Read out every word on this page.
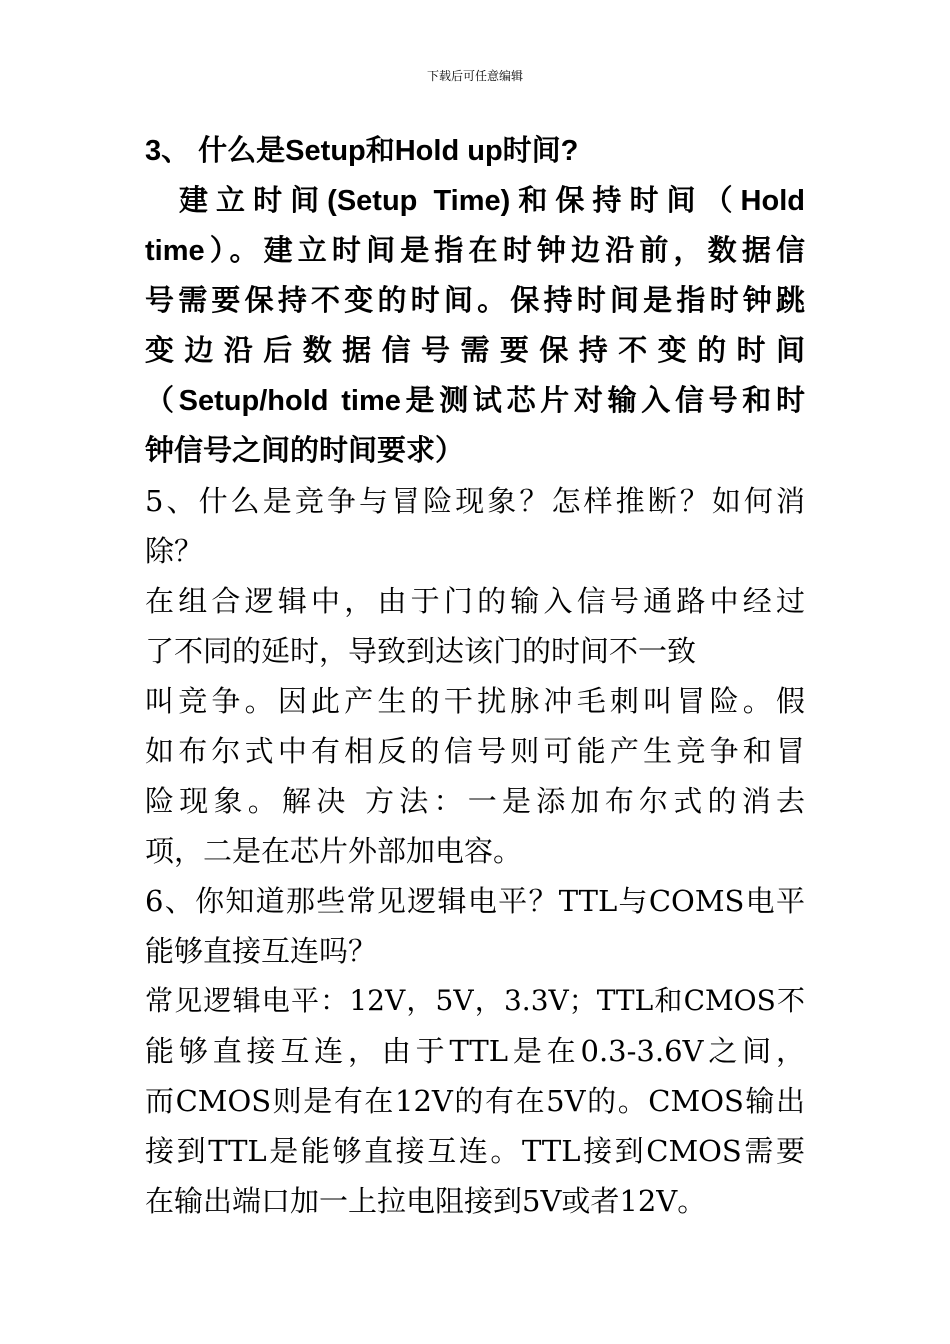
下载后可任意编辑
3、 什么是Setup和Hold up时间?
建立时间(Setup Time)和保持时间（Hold
time）。建立时间是指在时钟边沿前，数据信
号需要保持不变的时间。保持时间是指时钟跳
变边沿后数据信号需要保持不变的时间
（Setup/hold time是测试芯片对输入信号和时
钟信号之间的时间要求）
5、什么是竞争与冒险现象？怎样推断？如何消
除？
在组合逻辑中，由于门的输入信号通路中经过
了不同的延时，导致到达该门的时间不一致
叫竞争。因此产生的干扰脉冲毛刺叫冒险。假
如布尔式中有相反的信号则可能产生竞争和冒
险现象。解决 方法：一是添加布尔式的消去
项，二是在芯片外部加电容。
6、你知道那些常见逻辑电平？TTL与COMS电平
能够直接互连吗？
常见逻辑电平：12V，5V，3.3V；TTL和CMOS不
能够直接互连，由于TTL是在0.3-3.6V之间，
而CMOS则是有在12V的有在5V的。CMOS输出
接到TTL是能够直接互连。TTL接到CMOS需要
在输出端口加一上拉电阻接到5V或者12V。
